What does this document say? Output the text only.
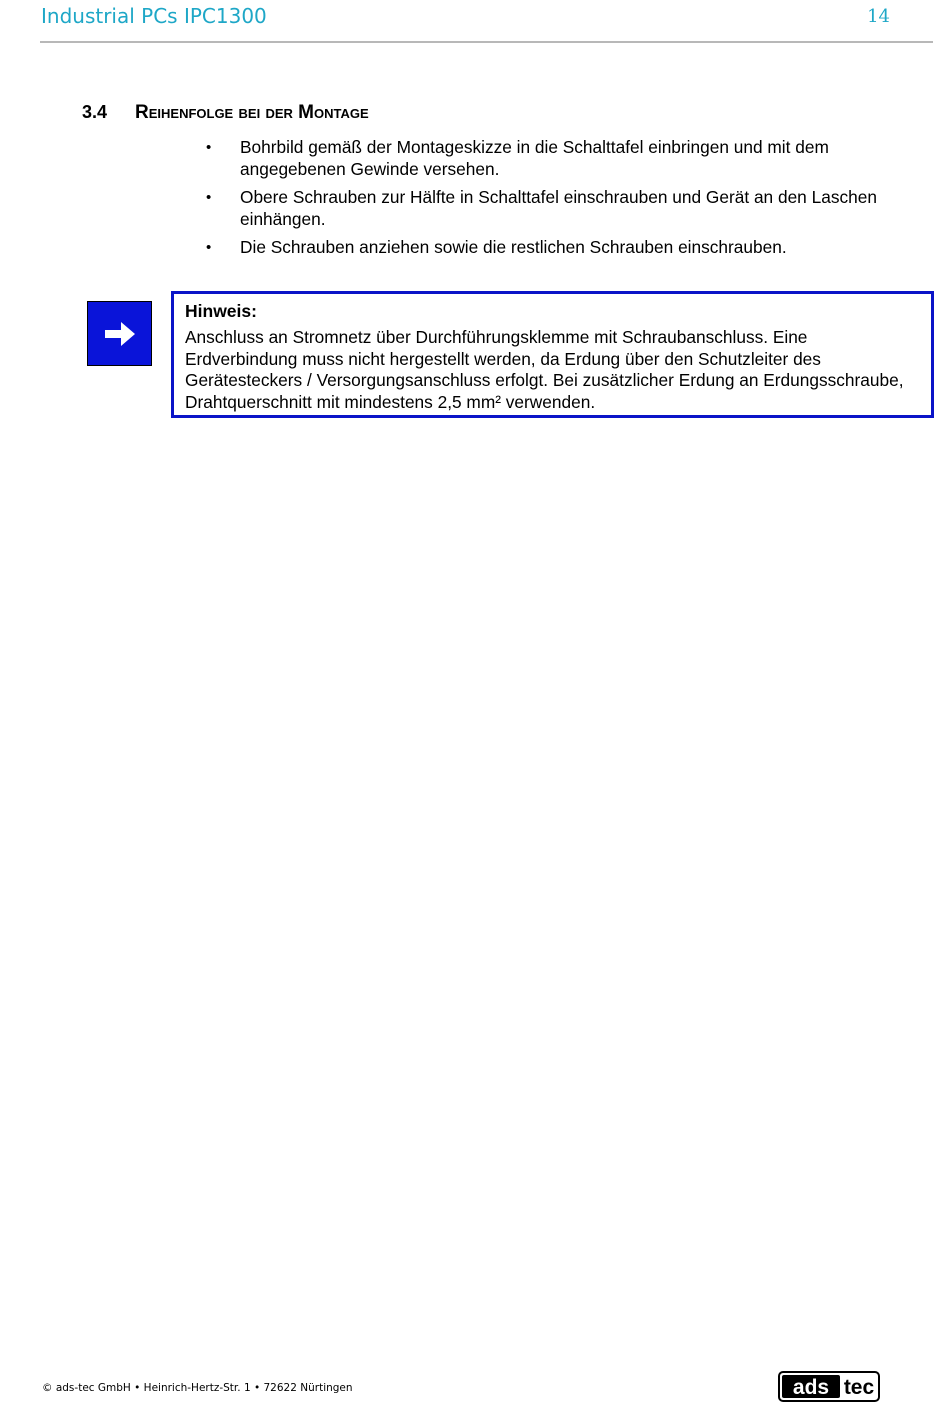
Industrial PCs IPC1300	14
3.4 Reihenfolge bei der Montage
• Bohrbild gemäß der Montageskizze in die Schalttafel einbringen und mit dem angegebenen Gewinde versehen.
• Obere Schrauben zur Hälfte in Schalttafel einschrauben und Gerät an den Laschen einhängen.
• Die Schrauben anziehen sowie die restlichen Schrauben einschrauben.
Hinweis:
Anschluss an Stromnetz über Durchführungsklemme mit Schraubanschluss. Eine Erdverbindung muss nicht hergestellt werden, da Erdung über den Schutzleiter des Gerätesteckers / Versorgungsanschluss erfolgt. Bei zusätzlicher Erdung an Erdungsschraube, Drahtquerschnitt mit mindestens 2,5 mm² verwenden.
© ads-tec GmbH • Heinrich-Hertz-Str. 1 • 72622 Nürtingen	ads tec
